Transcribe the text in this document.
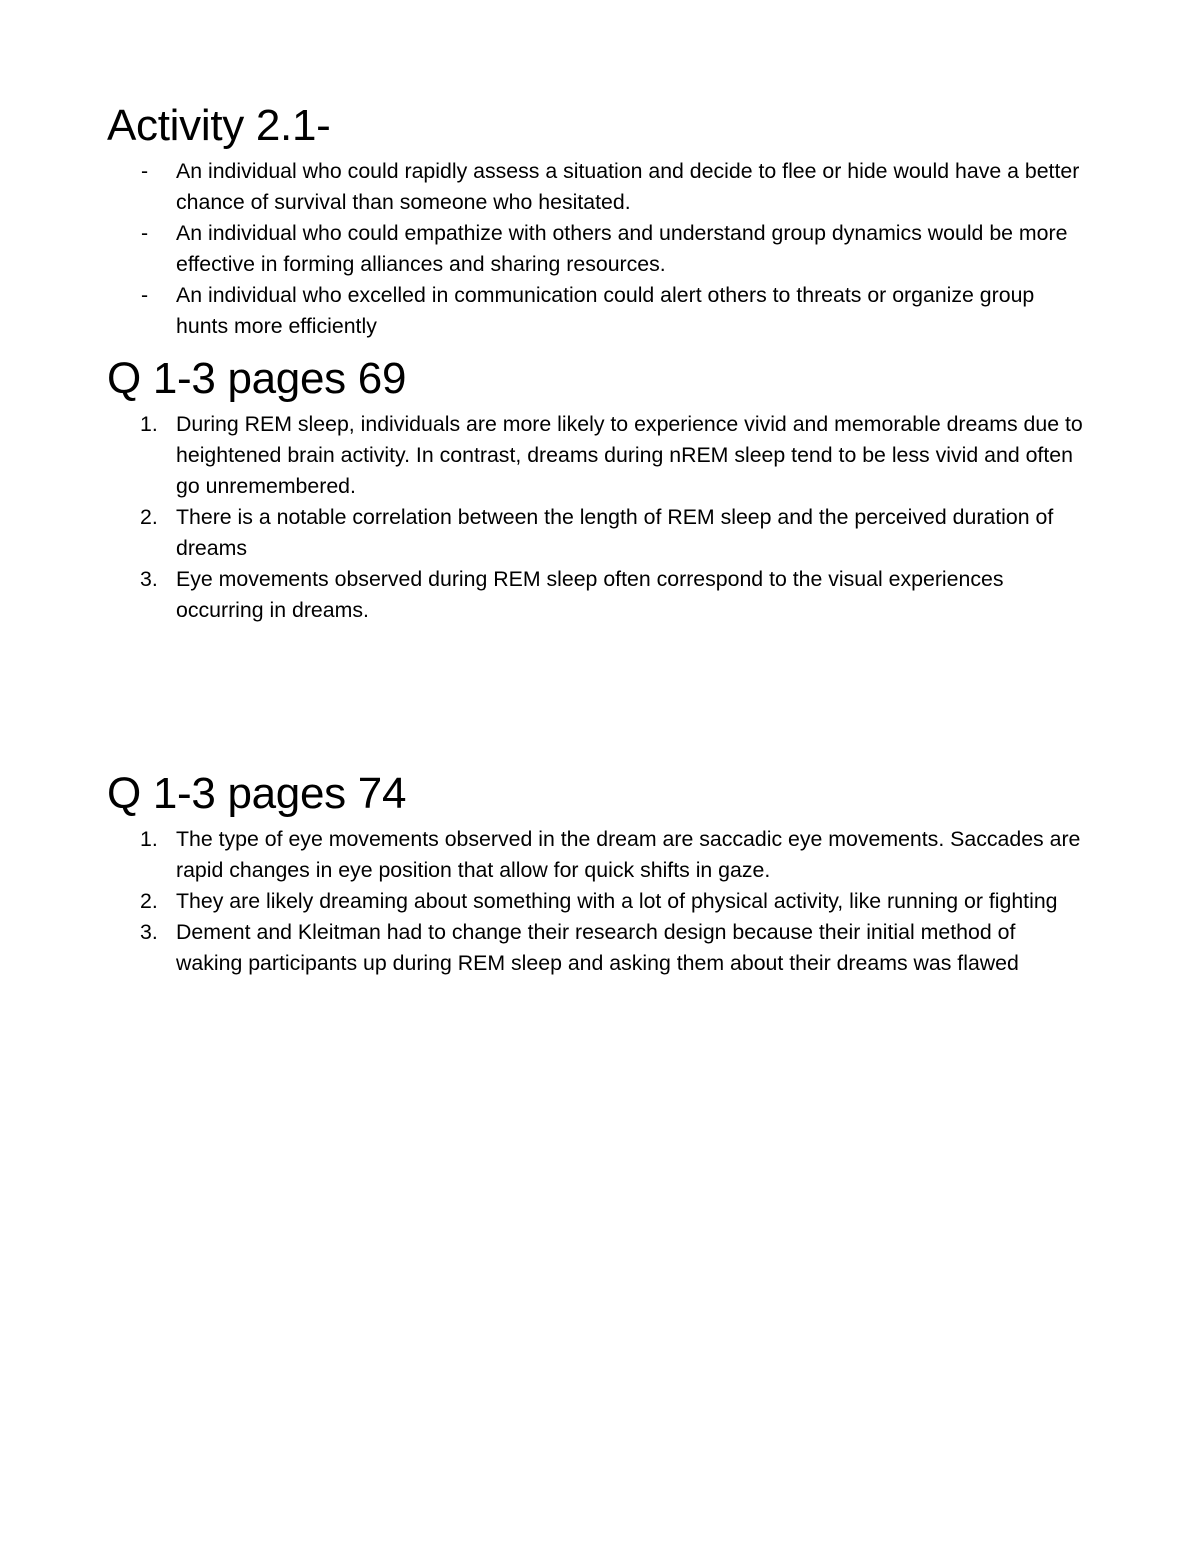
Activity 2.1-
- An individual who could rapidly assess a situation and decide to flee or hide would have a better chance of survival than someone who hesitated.
- An individual who could empathize with others and understand group dynamics would be more effective in forming alliances and sharing resources.
- An individual who excelled in communication could alert others to threats or organize group hunts more efficiently
Q 1-3 pages 69
1. During REM sleep, individuals are more likely to experience vivid and memorable dreams due to heightened brain activity. In contrast, dreams during nREM sleep tend to be less vivid and often go unremembered.
2. There is a notable correlation between the length of REM sleep and the perceived duration of dreams
3. Eye movements observed during REM sleep often correspond to the visual experiences occurring in dreams.
Q 1-3 pages 74
1. The type of eye movements observed in the dream are saccadic eye movements. Saccades are rapid changes in eye position that allow for quick shifts in gaze.
2. They are likely dreaming about something with a lot of physical activity, like running or fighting
3. Dement and Kleitman had to change their research design because their initial method of waking participants up during REM sleep and asking them about their dreams was flawed
